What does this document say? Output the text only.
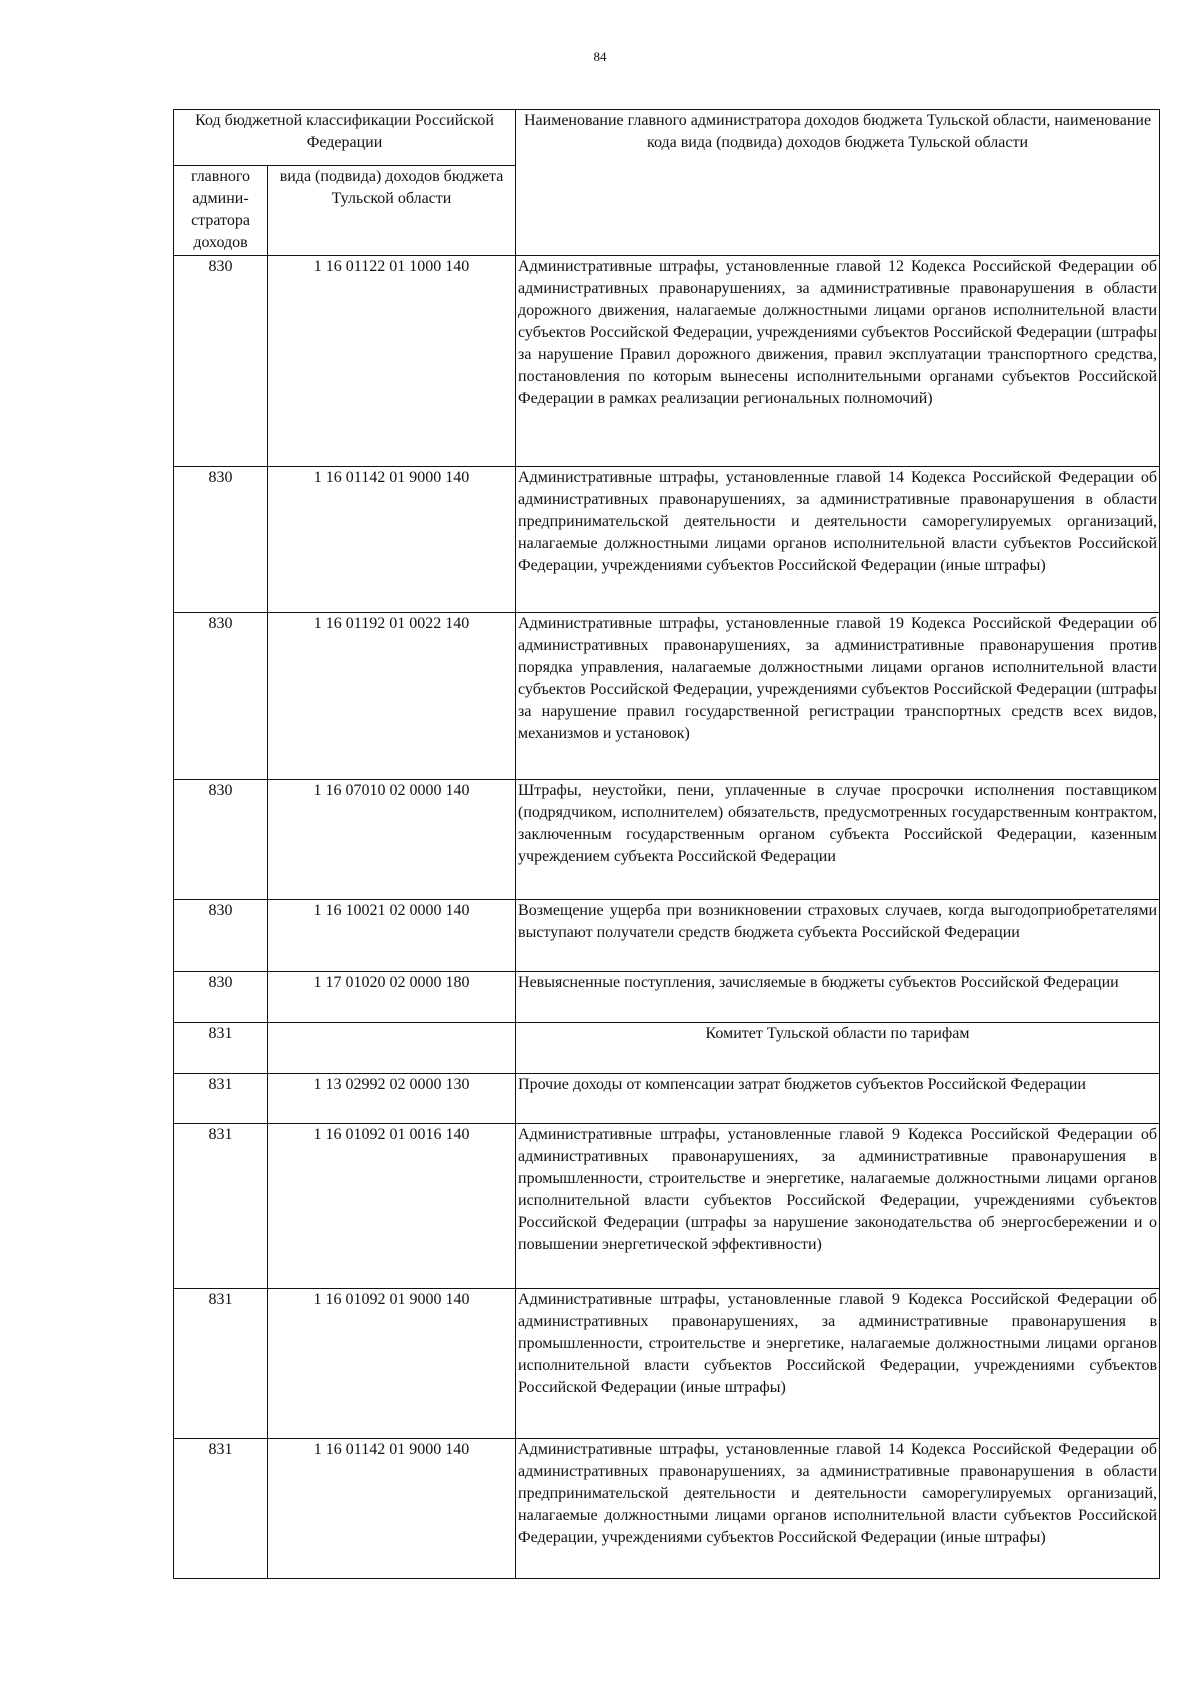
84
Код бюджетной классификации Российской Федерации		Наименование главного администратора доходов бюджета Тульской области, наименование кода вида (подвида) доходов бюджета Тульской области
главного админи-стратора доходов	вида (подвида) доходов бюджета Тульской области	
830	1 16 01122 01 1000 140	Административные штрафы, установленные главой 12 Кодекса Российской Федерации об административных правонарушениях, за административные правонарушения в области дорожного движения, налагаемые должностными лицами органов исполнительной власти субъектов Российской Федерации, учреждениями субъектов Российской Федерации (штрафы за нарушение Правил дорожного движения, правил эксплуатации транспортного средства, постановления по которым вынесены исполнительными органами субъектов Российской Федерации в рамках реализации региональных полномочий)
830	1 16 01142 01 9000 140	Административные штрафы, установленные главой 14 Кодекса Российской Федерации об административных правонарушениях, за административные правонарушения в области предпринимательской деятельности и деятельности саморегулируемых организаций, налагаемые должностными лицами органов исполнительной власти субъектов Российской Федерации, учреждениями субъектов Российской Федерации (иные штрафы)
830	1 16 01192 01 0022 140	Административные штрафы, установленные главой 19 Кодекса Российской Федерации об административных правонарушениях, за административные правонарушения против порядка управления, налагаемые должностными лицами органов исполнительной власти субъектов Российской Федерации, учреждениями субъектов Российской Федерации (штрафы за нарушение правил государственной регистрации транспортных средств всех видов, механизмов и установок)
830	1 16 07010 02 0000 140	Штрафы, неустойки, пени, уплаченные в случае просрочки исполнения поставщиком (подрядчиком, исполнителем) обязательств, предусмотренных государственным контрактом, заключенным государственным органом субъекта Российской Федерации, казенным учреждением субъекта Российской Федерации
830	1 16 10021 02 0000 140	Возмещение ущерба при возникновении страховых случаев, когда выгодоприобретателями выступают получатели средств бюджета субъекта Российской Федерации
830	1 17 01020 02 0000 180	Невыясненные поступления, зачисляемые в бюджеты субъектов Российской Федерации
831		Комитет Тульской области по тарифам
831	1 13 02992 02 0000 130	Прочие доходы от компенсации затрат бюджетов субъектов Российской Федерации
831	1 16 01092 01 0016 140	Административные штрафы, установленные главой 9 Кодекса Российской Федерации об административных правонарушениях, за административные правонарушения в промышленности, строительстве и энергетике, налагаемые должностными лицами органов исполнительной власти субъектов Российской Федерации, учреждениями субъектов Российской Федерации (штрафы за нарушение законодательства об энергосбережении и о повышении энергетической эффективности)
831	1 16 01092 01 9000 140	Административные штрафы, установленные главой 9 Кодекса Российской Федерации об административных правонарушениях, за административные правонарушения в промышленности, строительстве и энергетике, налагаемые должностными лицами органов исполнительной власти субъектов Российской Федерации, учреждениями субъектов Российской Федерации (иные штрафы)
831	1 16 01142 01 9000 140	Административные штрафы, установленные главой 14 Кодекса Российской Федерации об административных правонарушениях, за административные правонарушения в области предпринимательской деятельности и деятельности саморегулируемых организаций, налагаемые должностными лицами органов исполнительной власти субъектов Российской Федерации, учреждениями субъектов Российской Федерации (иные штрафы)
